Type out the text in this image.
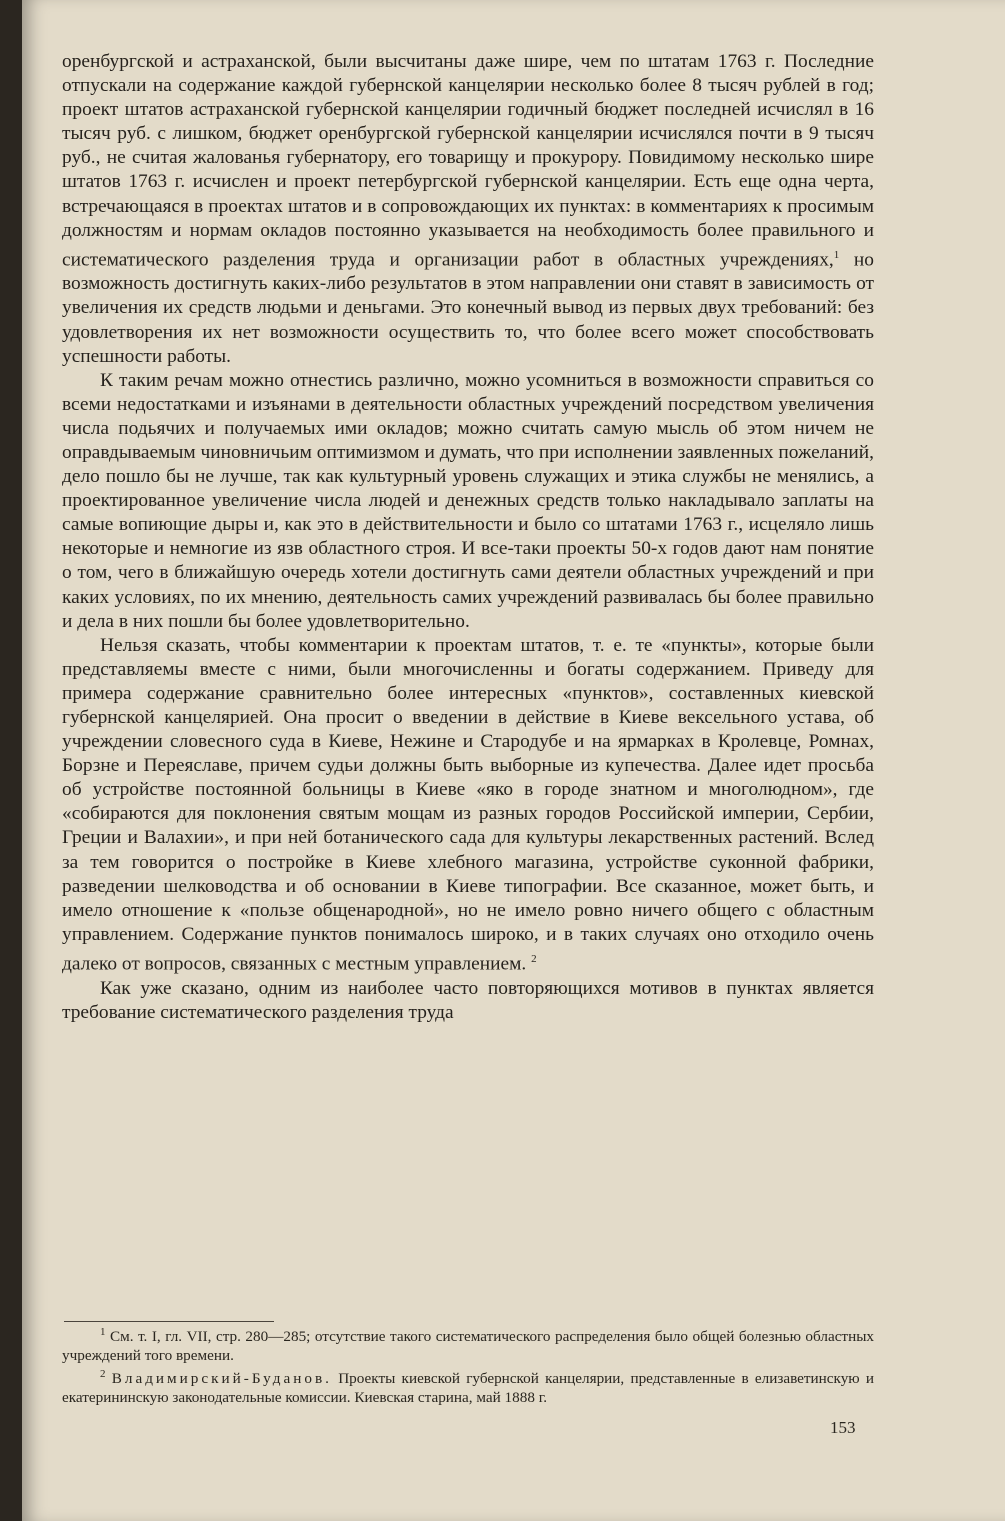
оренбургской и астраханской, были высчитаны даже шире, чем по штатам 1763 г. Последние отпускали на содержание каждой губернской канцелярии несколько более 8 тысяч рублей в год; проект штатов астраханской губернской канцелярии годичный бюджет последней исчислял в 16 тысяч руб. с лишком, бюджет оренбургской губернской канцелярии исчислялся почти в 9 тысяч руб., не считая жалованья губернатору, его товарищу и прокурору. Повидимому несколько шире штатов 1763 г. исчислен и проект петербургской губернской канцелярии. Есть еще одна черта, встречающаяся в проектах штатов и в сопровождающих их пунктах: в комментариях к просимым должностям и нормам окладов постоянно указывается на необходимость более правильного и систематического разделения труда и организации работ в областных учреждениях,$^1$ но возможность достигнуть каких-либо результатов в этом направлении они ставят в зависимость от увеличения их средств людьми и деньгами. Это конечный вывод из первых двух требований: без удовлетворения их нет возможности осуществить то, что более всего может способствовать успешности работы.

К таким речам можно отнестись различно, можно усомниться в возможности справиться со всеми недостатками и изъянами в деятельности областных учреждений посредством увеличения числа подьячих и получаемых ими окладов; можно считать самую мысль об этом ничем не оправдываемым чиновничьим оптимизмом и думать, что при исполнении заявленных пожеланий, дело пошло бы не лучше, так как культурный уровень служащих и этика службы не менялись, а проектированное увеличение числа людей и денежных средств только накладывало заплаты на самые вопиющие дыры и, как это в действительности и было со штатами 1763 г., исцеляло лишь некоторые и немногие из язв областного строя. И все-таки проекты 50-х годов дают нам понятие о том, чего в ближайшую очередь хотели достигнуть сами деятели областных учреждений и при каких условиях, по их мнению, деятельность самих учреждений развивалась бы более правильно и дела в них пошли бы более удовлетворительно.

Нельзя сказать, чтобы комментарии к проектам штатов, т. е. те «пункты», которые были представляемы вместе с ними, были многочисленны и богаты содержанием. Приведу для примера содержание сравнительно более интересных «пунктов», составленных киевской губернской канцелярией. Она просит о введении в действие в Киеве вексельного устава, об учреждении словесного суда в Киеве, Нежине и Стародубе и на ярмарках в Кролевце, Ромнах, Борзне и Переяславе, причем судьи должны быть выборные из купечества. Далее идет просьба об устройстве постоянной больницы в Киеве «яко в городе знатном и многолюдном», где «собираются для поклонения святым мощам из разных городов Российской империи, Сербии, Греции и Валахии», и при ней ботанического сада для культуры лекарственных растений. Вслед за тем говорится о постройке в Киеве хлебного магазина, устройстве суконной фабрики, разведении шелководства и об основании в Киеве типографии. Все сказанное, может быть, и имело отношение к «пользе общенародной», но не имело ровно ничего общего с областным управлением. Содержание пунктов понималось широко, и в таких случаях оно отходило очень далеко от вопросов, связанных с местным управлением. $^2$

Как уже сказано, одним из наиболее часто повторяющихся мотивов в пунктах является требование систематического разделения труда

$^1$ См. т. I, гл. VII, стр. 280—285; отсутствие такого систематического распределения было общей болезнью областных учреждений того времени.

$^2$ Владимирский-Буданов. Проекты киевской губернской канцелярии, представленные в елизаветинскую и екатерининскую законодательные комиссии. Киевская старина, май 1888 г.

153
